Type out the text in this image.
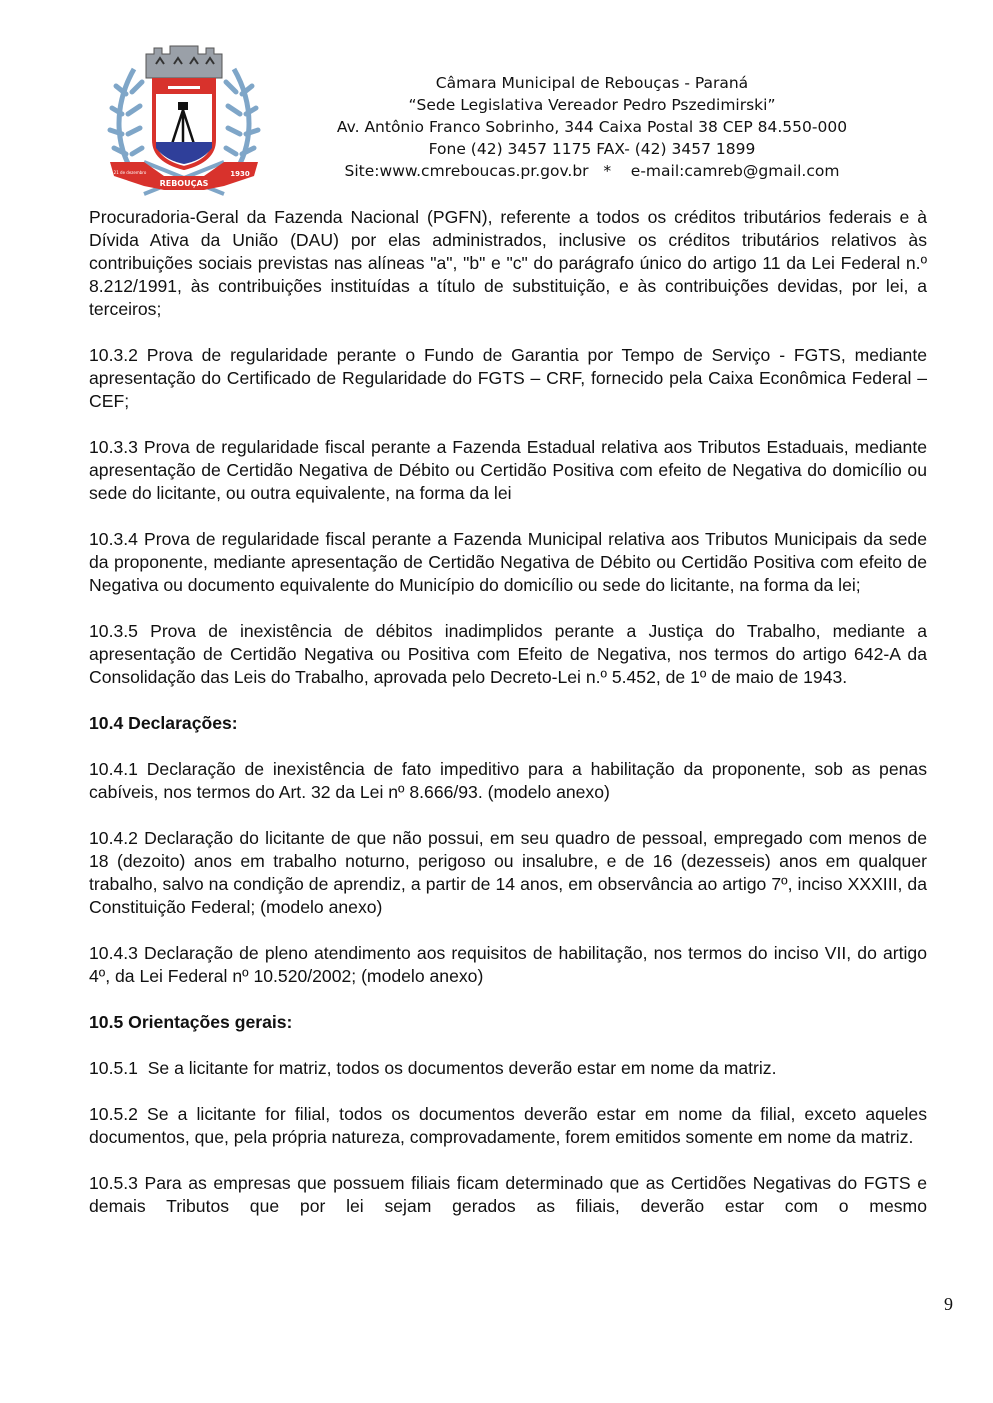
REBOUÇAS
1930
21 de dezembro
Câmara Municipal de Rebouças - Paraná
“Sede Legislativa Vereador Pedro Pszedimirski”
Av. Antônio Franco Sobrinho, 344 Caixa Postal 38 CEP 84.550-000
Fone (42) 3457 1175 FAX- (42) 3457 1899
Site:www.cmreboucas.pr.gov.br   *    e-mail:camreb@gmail.com

Procuradoria-Geral da Fazenda Nacional (PGFN), referente a todos os créditos tributários federais e à Dívida Ativa da União (DAU) por elas administrados, inclusive os créditos tributários relativos às contribuições sociais previstas nas alíneas "a", "b" e "c" do parágrafo único do artigo 11 da Lei Federal n.º 8.212/1991, às contribuições instituídas a título de substituição, e às contribuições devidas, por lei, a terceiros;

10.3.2 Prova de regularidade perante o Fundo de Garantia por Tempo de Serviço - FGTS, mediante apresentação do Certificado de Regularidade do FGTS – CRF, fornecido pela Caixa Econômica Federal – CEF;

10.3.3 Prova de regularidade fiscal perante a Fazenda Estadual relativa aos Tributos Estaduais, mediante apresentação de Certidão Negativa de Débito ou Certidão Positiva com efeito de Negativa do domicílio ou sede do licitante, ou outra equivalente, na forma da lei

10.3.4 Prova de regularidade fiscal perante a Fazenda Municipal relativa aos Tributos Municipais da sede da proponente, mediante apresentação de Certidão Negativa de Débito ou Certidão Positiva com efeito de Negativa ou documento equivalente do Município do domicílio ou sede do licitante, na forma da lei;

10.3.5 Prova de inexistência de débitos inadimplidos perante a Justiça do Trabalho, mediante a apresentação de Certidão Negativa ou Positiva com Efeito de Negativa, nos termos do artigo 642-A da Consolidação das Leis do Trabalho, aprovada pelo Decreto-Lei n.º 5.452, de 1º de maio de 1943.

10.4 Declarações:

10.4.1 Declaração de inexistência de fato impeditivo para a habilitação da proponente, sob as penas cabíveis, nos termos do Art. 32 da Lei nº 8.666/93. (modelo anexo)

10.4.2 Declaração do licitante de que não possui, em seu quadro de pessoal, empregado com menos de 18 (dezoito) anos em trabalho noturno, perigoso ou insalubre, e de 16 (dezesseis) anos em qualquer trabalho, salvo na condição de aprendiz, a partir de 14 anos, em observância ao artigo 7º, inciso XXXIII, da Constituição Federal; (modelo anexo)

10.4.3 Declaração de pleno atendimento aos requisitos de habilitação, nos termos do inciso VII, do artigo 4º, da Lei Federal nº 10.520/2002; (modelo anexo)

10.5 Orientações gerais:

10.5.1  Se a licitante for matriz, todos os documentos deverão estar em nome da matriz.

10.5.2 Se a licitante for filial, todos os documentos deverão estar em nome da filial, exceto aqueles documentos, que, pela própria natureza, comprovadamente, forem emitidos somente em nome da matriz.

10.5.3 Para as empresas que possuem filiais ficam determinado que as Certidões Negativas do FGTS e demais Tributos que por lei sejam gerados as filiais, deverão estar com o mesmo

9
